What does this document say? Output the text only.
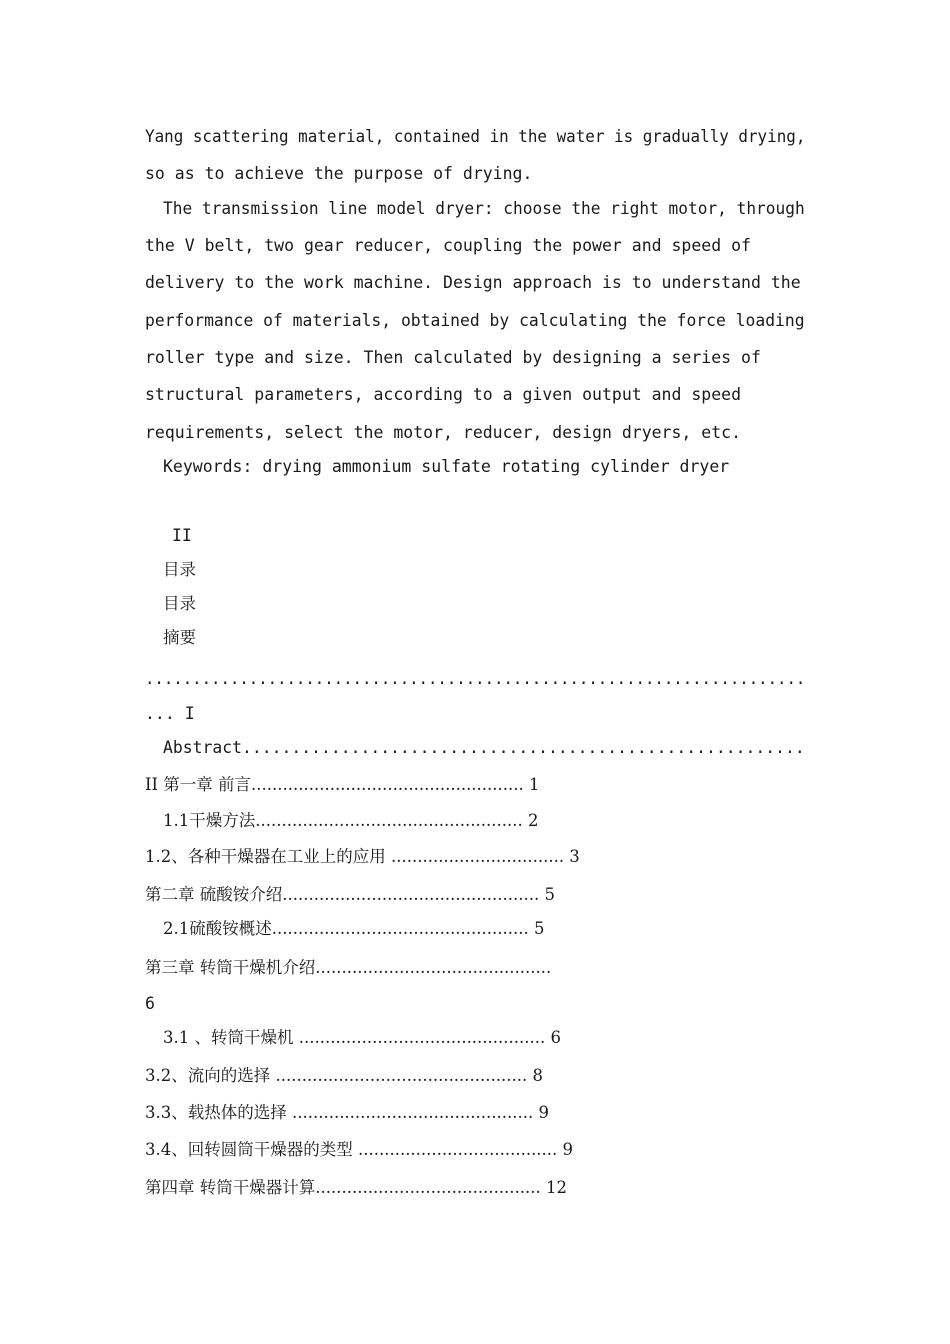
Yang scattering material, contained in the water is gradually drying,
so as to achieve the purpose of drying.
The transmission line model dryer: choose the right motor, through
the V belt, two gear reducer, coupling the power and speed of
delivery to the work machine. Design approach is to understand the
performance of materials, obtained by calculating the force loading
roller type and size. Then calculated by designing a series of
structural parameters, according to a given output and speed
requirements, select the motor, reducer, design dryers, etc.
Keywords: drying ammonium sulfate rotating cylinder dryer
II
目录
目录
摘要
......................................................................
... I
Abstract.........................................................
II 第一章 前言.................................................... 1
1.1干燥方法................................................... 2
1.2、各种干燥器在工业上的应用 ................................. 3
第二章 硫酸铵介绍................................................. 5
2.1硫酸铵概述................................................. 5
第三章 转筒干燥机介绍.............................................
6
3.1 、转筒干燥机 ............................................... 6
3.2、流向的选择 ................................................ 8
3.3、载热体的选择 .............................................. 9
3.4、回转圆筒干燥器的类型 ...................................... 9
第四章 转筒干燥器计算........................................... 12
